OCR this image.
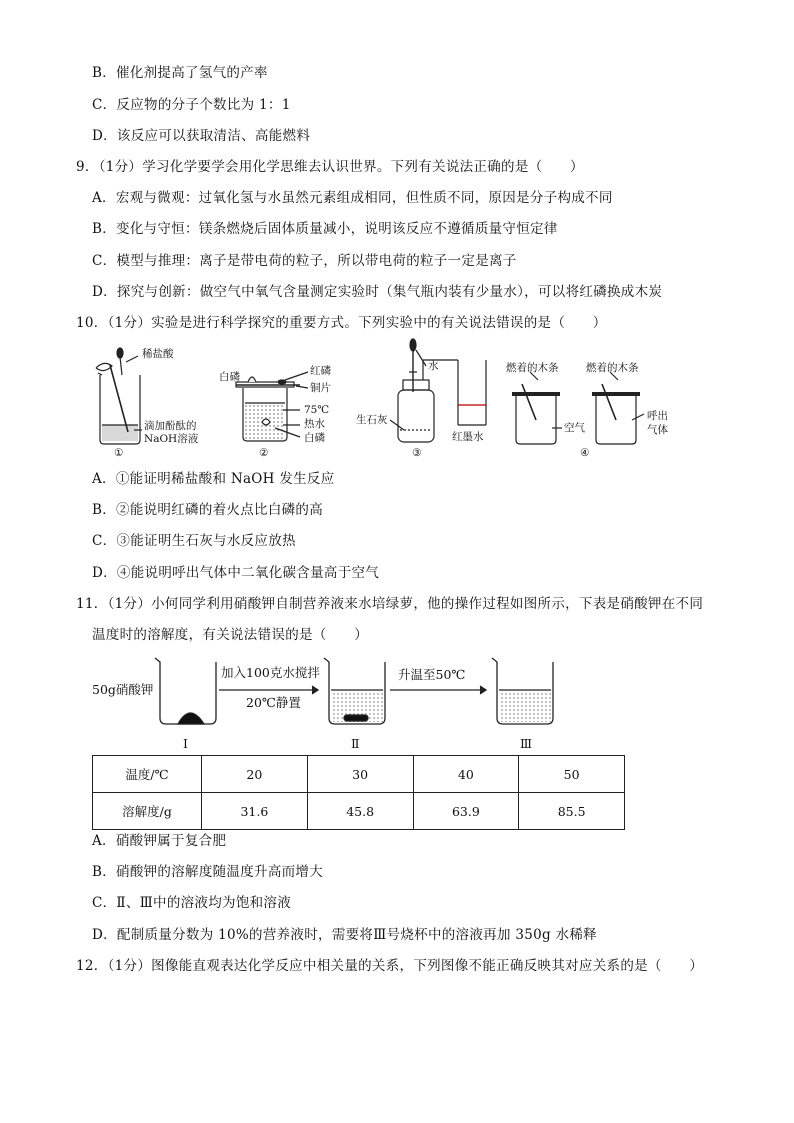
B．催化剂提高了氢气的产率
C．反应物的分子个数比为 1：1
D．该反应可以获取清洁、高能燃料
9．（1分）学习化学要学会用化学思维去认识世界。下列有关说法正确的是（　　）
A．宏观与微观：过氧化氢与水虽然元素组成相同，但性质不同，原因是分子构成不同
B．变化与守恒：镁条燃烧后固体质量减小，说明该反应不遵循质量守恒定律
C．模型与推理：离子是带电荷的粒子，所以带电荷的粒子一定是离子
D．探究与创新：做空气中氧气含量测定实验时（集气瓶内装有少量水），可以将红磷换成木炭
10．（1分）实验是进行科学探究的重要方式。下列实验中的有关说法错误的是（　　）
稀盐酸
滴加酚酞的
NaOH溶液
①
白磷	红磷
铜片
75℃
热水
白磷
②
水
生石灰
红墨水
③
燃着的木条	燃着的木条
空气
呼出
气体
④
A．①能证明稀盐酸和 NaOH 发生反应
B．②能说明红磷的着火点比白磷的高
C．③能证明生石灰与水反应放热
D．④能说明呼出气体中二氧化碳含量高于空气
11．（1分）小何同学利用硝酸钾自制营养液来水培绿萝，他的操作过程如图所示，下表是硝酸钾在不同
温度时的溶解度，有关说法错误的是（　　）
50g硝酸钾
加入100克水搅拌
20℃静置
升温至50℃
Ⅰ	Ⅱ	Ⅲ
温度/℃	20	30	40	50
溶解度/g	31.6	45.8	63.9	85.5
A．硝酸钾属于复合肥
B．硝酸钾的溶解度随温度升高而增大
C．Ⅱ、Ⅲ中的溶液均为饱和溶液
D．配制质量分数为 10%的营养液时，需要将Ⅲ号烧杯中的溶液再加 350g 水稀释
12．（1分）图像能直观表达化学反应中相关量的关系，下列图像不能正确反映其对应关系的是（　　）
